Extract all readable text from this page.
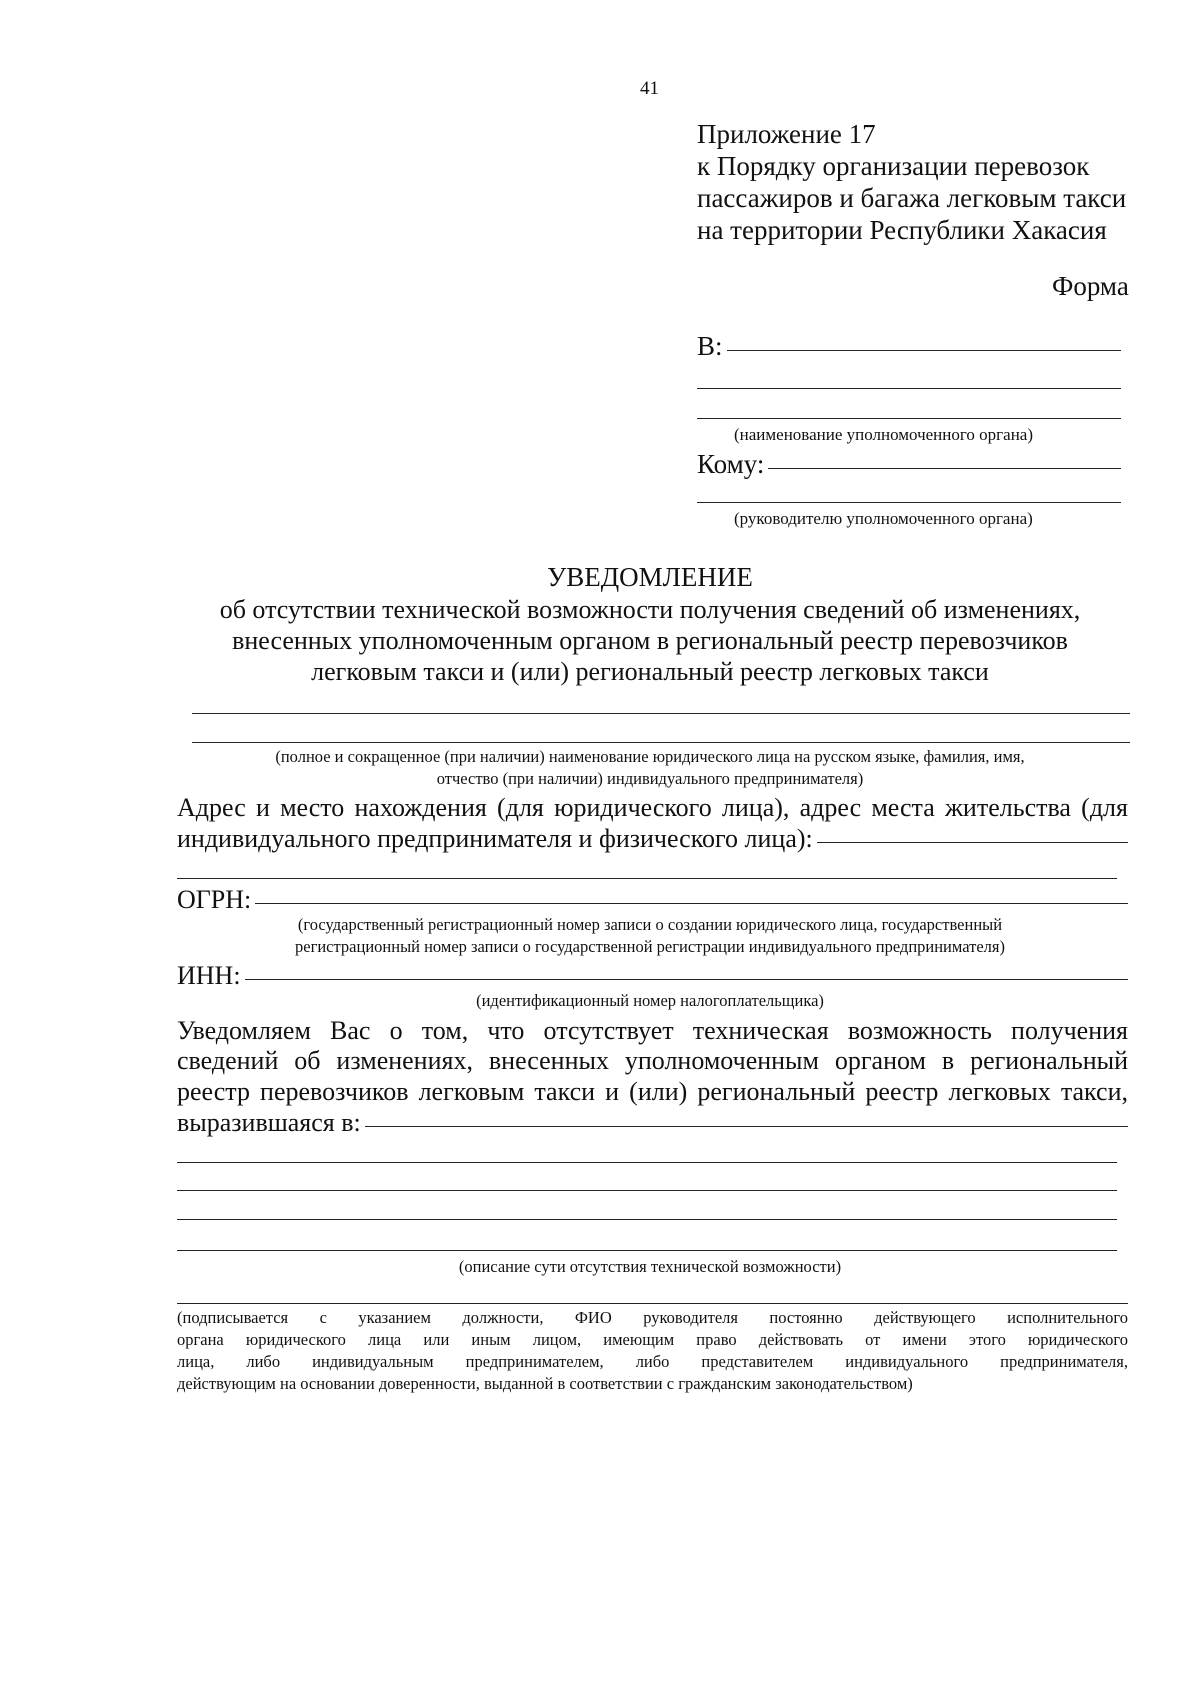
41
Приложение 17
к Порядку организации перевозок
пассажиров и багажа легковым такси
на территории Республики Хакасия
Форма
В:
(наименование уполномоченного органа)
Кому:
(руководителю уполномоченного органа)
УВЕДОМЛЕНИЕ
об отсутствии технической возможности получения сведений об изменениях,
внесенных уполномоченным органом в региональный реестр перевозчиков
легковым такси и (или) региональный реестр легковых такси
(полное и сокращенное (при наличии) наименование юридического лица на русском языке, фамилия, имя,
отчество (при наличии) индивидуального предпринимателя)
Адрес и место нахождения (для юридического лица), адрес места жительства (для
индивидуального предпринимателя и физического лица):
ОГРН:
(государственный регистрационный номер записи о создании юридического лица, государственный
регистрационный номер записи о государственной регистрации индивидуального предпринимателя)
ИНН:
(идентификационный номер налогоплательщика)
Уведомляем Вас о том, что отсутствует техническая возможность получения
сведений об изменениях, внесенных уполномоченным органом в региональный
реестр перевозчиков легковым такси и (или) региональный реестр легковых такси,
выразившаяся в:
(описание сути отсутствия технической возможности)
(подписывается с указанием должности, ФИО руководителя постоянно действующего исполнительного
органа юридического лица или иным лицом, имеющим право действовать от имени этого юридического
лица, либо индивидуальным предпринимателем, либо представителем индивидуального предпринимателя,
действующим на основании доверенности, выданной в соответствии с гражданским законодательством)
